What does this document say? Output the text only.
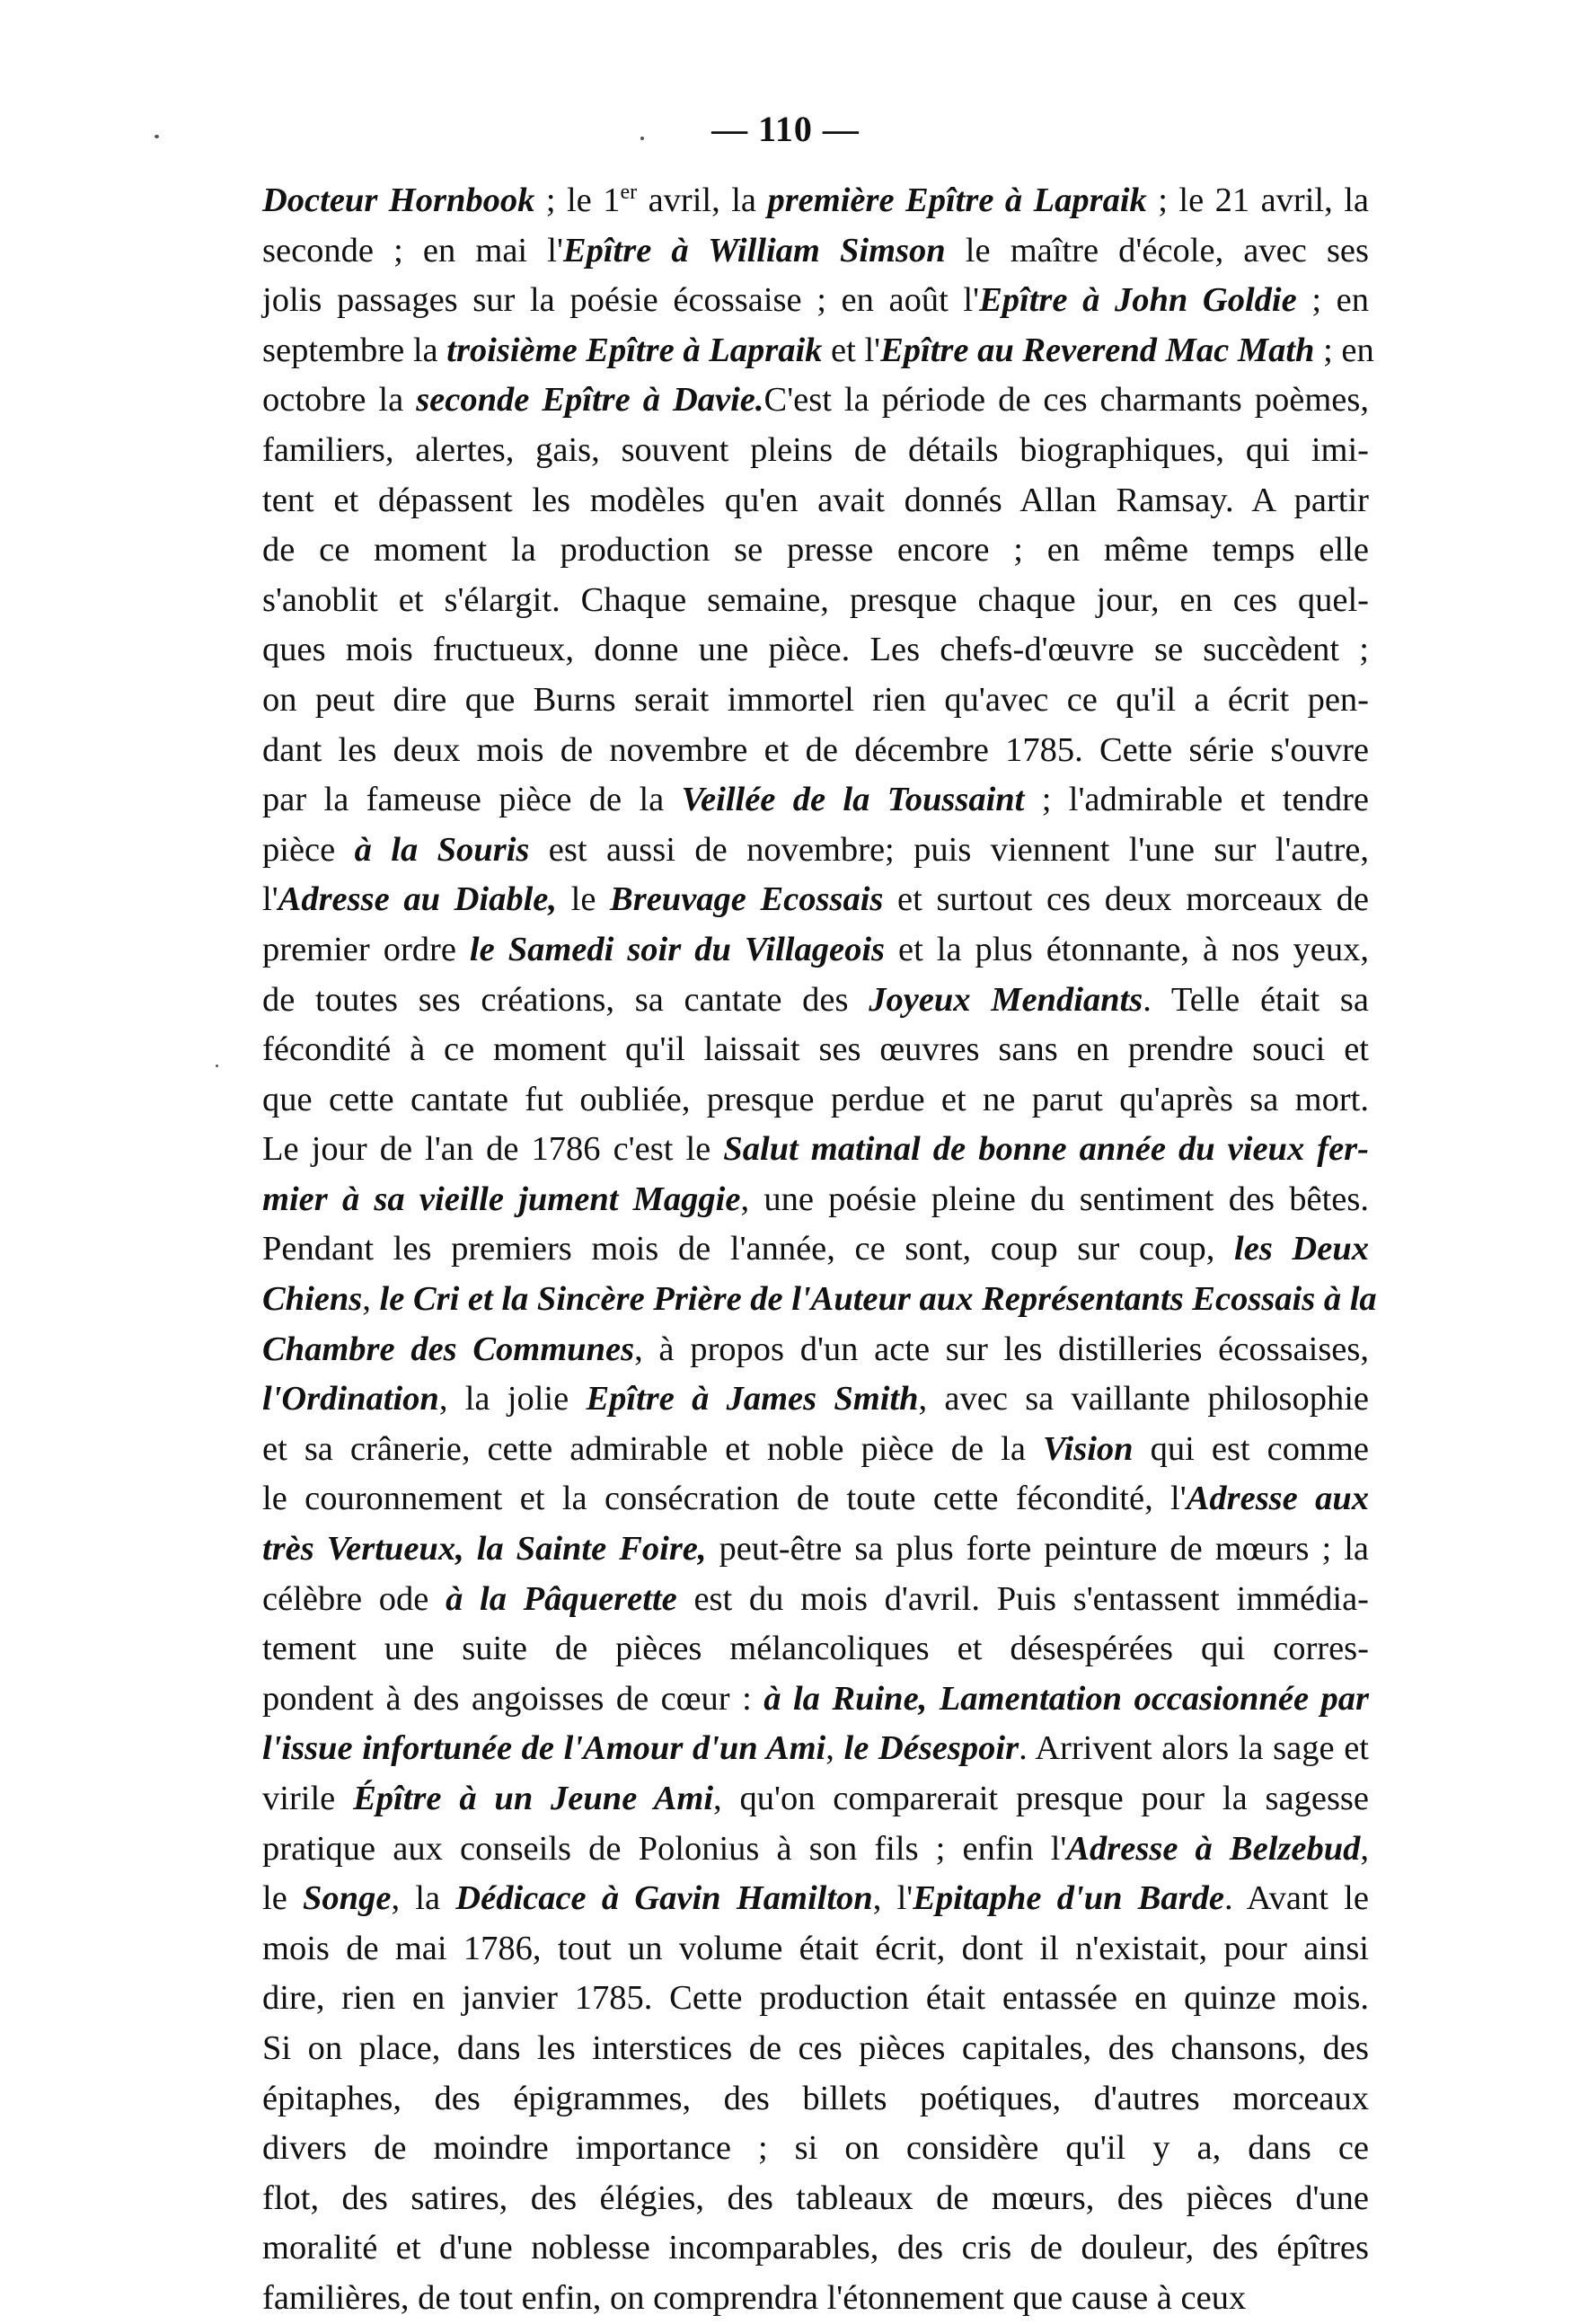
— 110 —
Docteur Hornbook ; le 1er avril, la première Epître à Lapraik ; le 21 avril, la
seconde ; en mai l'Epître à William Simson le maître d'école, avec ses
jolis passages sur la poésie écossaise ; en août l'Epître à John Goldie ; en
septembre la troisième Epître à Lapraik et l'Epître au Reverend Mac Math ; en
octobre la seconde Epître à Davie.C'est la période de ces charmants poèmes,
familiers, alertes, gais, souvent pleins de détails biographiques, qui imi-
tent et dépassent les modèles qu'en avait donnés Allan Ramsay. A partir
de ce moment la production se presse encore ; en même temps elle
s'anoblit et s'élargit. Chaque semaine, presque chaque jour, en ces quel-
ques mois fructueux, donne une pièce. Les chefs-d'œuvre se succèdent ;
on peut dire que Burns serait immortel rien qu'avec ce qu'il a écrit pen-
dant les deux mois de novembre et de décembre 1785. Cette série s'ouvre
par la fameuse pièce de la Veillée de la Toussaint ; l'admirable et tendre
pièce à la Souris est aussi de novembre; puis viennent l'une sur l'autre,
l'Adresse au Diable, le Breuvage Ecossais et surtout ces deux morceaux de
premier ordre le Samedi soir du Villageois et la plus étonnante, à nos yeux,
de toutes ses créations, sa cantate des Joyeux Mendiants. Telle était sa
fécondité à ce moment qu'il laissait ses œuvres sans en prendre souci et
que cette cantate fut oubliée, presque perdue et ne parut qu'après sa mort.
Le jour de l'an de 1786 c'est le Salut matinal de bonne année du vieux fer-
mier à sa vieille jument Maggie, une poésie pleine du sentiment des bêtes.
Pendant les premiers mois de l'année, ce sont, coup sur coup, les Deux
Chiens, le Cri et la Sincère Prière de l'Auteur aux Représentants Ecossais à la
Chambre des Communes, à propos d'un acte sur les distilleries écossaises,
l'Ordination, la jolie Epître à James Smith, avec sa vaillante philosophie
et sa crânerie, cette admirable et noble pièce de la Vision qui est comme
le couronnement et la consécration de toute cette fécondité, l'Adresse aux
très Vertueux, la Sainte Foire, peut-être sa plus forte peinture de mœurs ; la
célèbre ode à la Pâquerette est du mois d'avril. Puis s'entassent immédia-
tement une suite de pièces mélancoliques et désespérées qui corres-
pondent à des angoisses de cœur : à la Ruine, Lamentation occasionnée par
l'issue infortunée de l'Amour d'un Ami, le Désespoir. Arrivent alors la sage et
virile Épître à un Jeune Ami, qu'on comparerait presque pour la sagesse
pratique aux conseils de Polonius à son fils ; enfin l'Adresse à Belzebud,
le Songe, la Dédicace à Gavin Hamilton, l'Epitaphe d'un Barde. Avant le
mois de mai 1786, tout un volume était écrit, dont il n'existait, pour ainsi
dire, rien en janvier 1785. Cette production était entassée en quinze mois.
Si on place, dans les interstices de ces pièces capitales, des chansons, des
épitaphes, des épigrammes, des billets poétiques, d'autres morceaux
divers de moindre importance ; si on considère qu'il y a, dans ce
flot, des satires, des élégies, des tableaux de mœurs, des pièces d'une
moralité et d'une noblesse incomparables, des cris de douleur, des épîtres
familières, de tout enfin, on comprendra l'étonnement que cause à ceux
